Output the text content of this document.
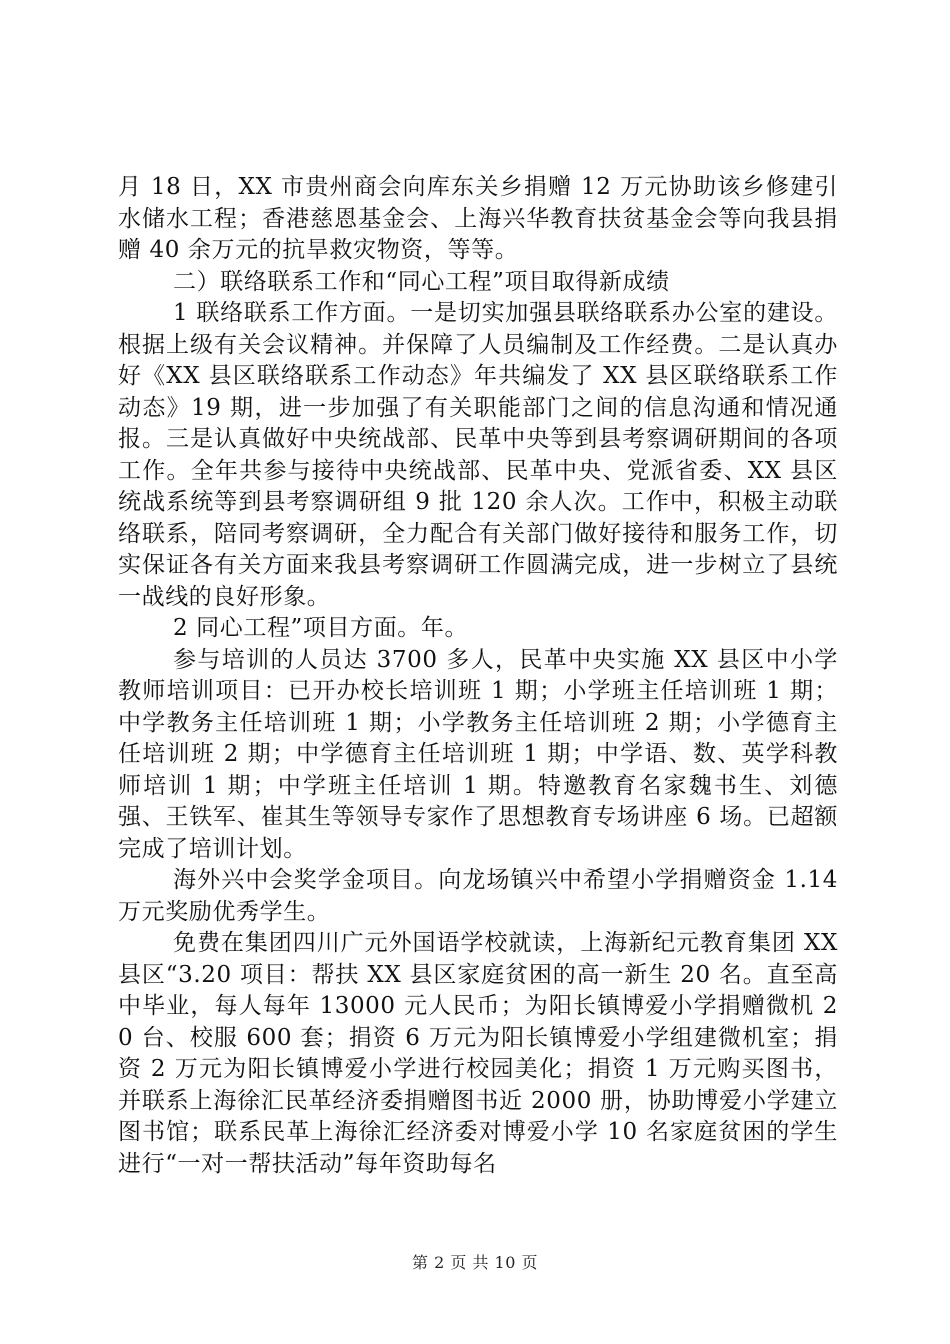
月 18 日，XX 市贵州商会向库东关乡捐赠 12 万元协助该乡修建引水储水工程；香港慈恩基金会、上海兴华教育扶贫基金会等向我县捐赠 40 余万元的抗旱救灾物资，等等。

二）联络联系工作和“同心工程”项目取得新成绩

1 联络联系工作方面。一是切实加强县联络联系办公室的建设。根据上级有关会议精神。并保障了人员编制及工作经费。二是认真办好《XX 县区联络联系工作动态》年共编发了 XX 县区联络联系工作动态》19 期，进一步加强了有关职能部门之间的信息沟通和情况通报。三是认真做好中央统战部、民革中央等到县考察调研期间的各项工作。全年共参与接待中央统战部、民革中央、党派省委、XX 县区统战系统等到县考察调研组 9 批 120 余人次。工作中，积极主动联络联系，陪同考察调研，全力配合有关部门做好接待和服务工作，切实保证各有关方面来我县考察调研工作圆满完成，进一步树立了县统一战线的良好形象。

2 同心工程”项目方面。年。

参与培训的人员达 3700 多人，民革中央实施 XX 县区中小学教师培训项目：已开办校长培训班 1 期；小学班主任培训班 1 期；中学教务主任培训班 1 期；小学教务主任培训班 2 期；小学德育主任培训班 2 期；中学德育主任培训班 1 期；中学语、数、英学科教师培训 1 期；中学班主任培训 1 期。特邀教育名家魏书生、刘德强、王铁军、崔其生等领导专家作了思想教育专场讲座 6 场。已超额完成了培训计划。

海外兴中会奖学金项目。向龙场镇兴中希望小学捐赠资金 1.14 万元奖励优秀学生。

免费在集团四川广元外国语学校就读，上海新纪元教育集团 XX 县区“3.20 项目：帮扶 XX 县区家庭贫困的高一新生 20 名。直至高中毕业，每人每年 13000 元人民币；为阳长镇博爱小学捐赠微机 20 台、校服 600 套；捐资 6 万元为阳长镇博爱小学组建微机室；捐资 2 万元为阳长镇博爱小学进行校园美化；捐资 1 万元购买图书，并联系上海徐汇民革经济委捐赠图书近 2000 册，协助博爱小学建立图书馆；联系民革上海徐汇经济委对博爱小学 10 名家庭贫困的学生进行“一对一帮扶活动”每年资助每名

第 2 页 共 10 页
